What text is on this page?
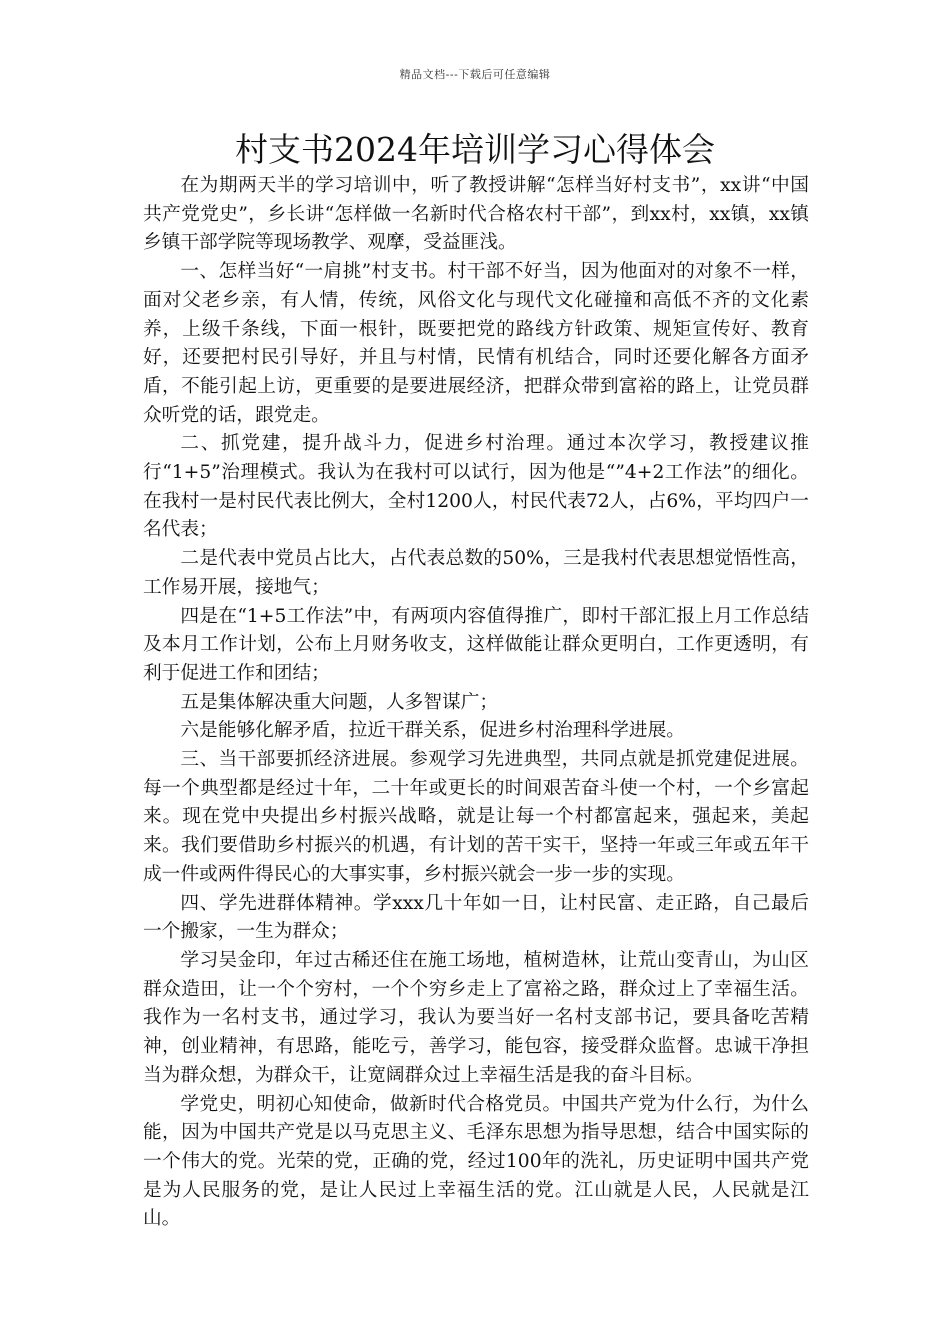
精品文档---下载后可任意编辑
村支书2024年培训学习心得体会

在为期两天半的学习培训中，听了教授讲解“怎样当好村支书”，xx讲“中国共产党党史”，乡长讲“怎样做一名新时代合格农村干部”，到xx村，xx镇，xx镇乡镇干部学院等现场教学、观摩，受益匪浅。

一、怎样当好“一肩挑”村支书。村干部不好当，因为他面对的对象不一样，面对父老乡亲，有人情，传统，风俗文化与现代文化碰撞和高低不齐的文化素养，上级千条线，下面一根针，既要把党的路线方针政策、规矩宣传好、教育好，还要把村民引导好，并且与村情，民情有机结合，同时还要化解各方面矛盾，不能引起上访，更重要的是要进展经济，把群众带到富裕的路上，让党员群众听党的话，跟党走。

二、抓党建，提升战斗力，促进乡村治理。通过本次学习，教授建议推行“1+5”治理模式。我认为在我村可以试行，因为他是“”4+2工作法”的细化。在我村一是村民代表比例大，全村1200人，村民代表72人，占6%，平均四户一名代表；

二是代表中党员占比大，占代表总数的50%，三是我村代表思想觉悟性高，工作易开展，接地气；

四是在“1+5工作法”中，有两项内容值得推广，即村干部汇报上月工作总结及本月工作计划，公布上月财务收支，这样做能让群众更明白，工作更透明，有利于促进工作和团结；

五是集体解决重大问题，人多智谋广；

六是能够化解矛盾，拉近干群关系，促进乡村治理科学进展。

三、当干部要抓经济进展。参观学习先进典型，共同点就是抓党建促进展。每一个典型都是经过十年，二十年或更长的时间艰苦奋斗使一个村，一个乡富起来。现在党中央提出乡村振兴战略，就是让每一个村都富起来，强起来，美起来。我们要借助乡村振兴的机遇，有计划的苦干实干，坚持一年或三年或五年干成一件或两件得民心的大事实事，乡村振兴就会一步一步的实现。

四、学先进群体精神。学xxx几十年如一日，让村民富、走正路，自己最后一个搬家，一生为群众；

学习吴金印，年过古稀还住在施工场地，植树造林，让荒山变青山，为山区群众造田，让一个个穷村，一个个穷乡走上了富裕之路，群众过上了幸福生活。我作为一名村支书，通过学习，我认为要当好一名村支部书记，要具备吃苦精神，创业精神，有思路，能吃亏，善学习，能包容，接受群众监督。忠诚干净担当为群众想，为群众干，让宽阔群众过上幸福生活是我的奋斗目标。

学党史，明初心知使命，做新时代合格党员。中国共产党为什么行，为什么能，因为中国共产党是以马克思主义、毛泽东思想为指导思想，结合中国实际的一个伟大的党。光荣的党，正确的党，经过100年的洗礼，历史证明中国共产党是为人民服务的党，是让人民过上幸福生活的党。江山就是人民，人民就是江山。
